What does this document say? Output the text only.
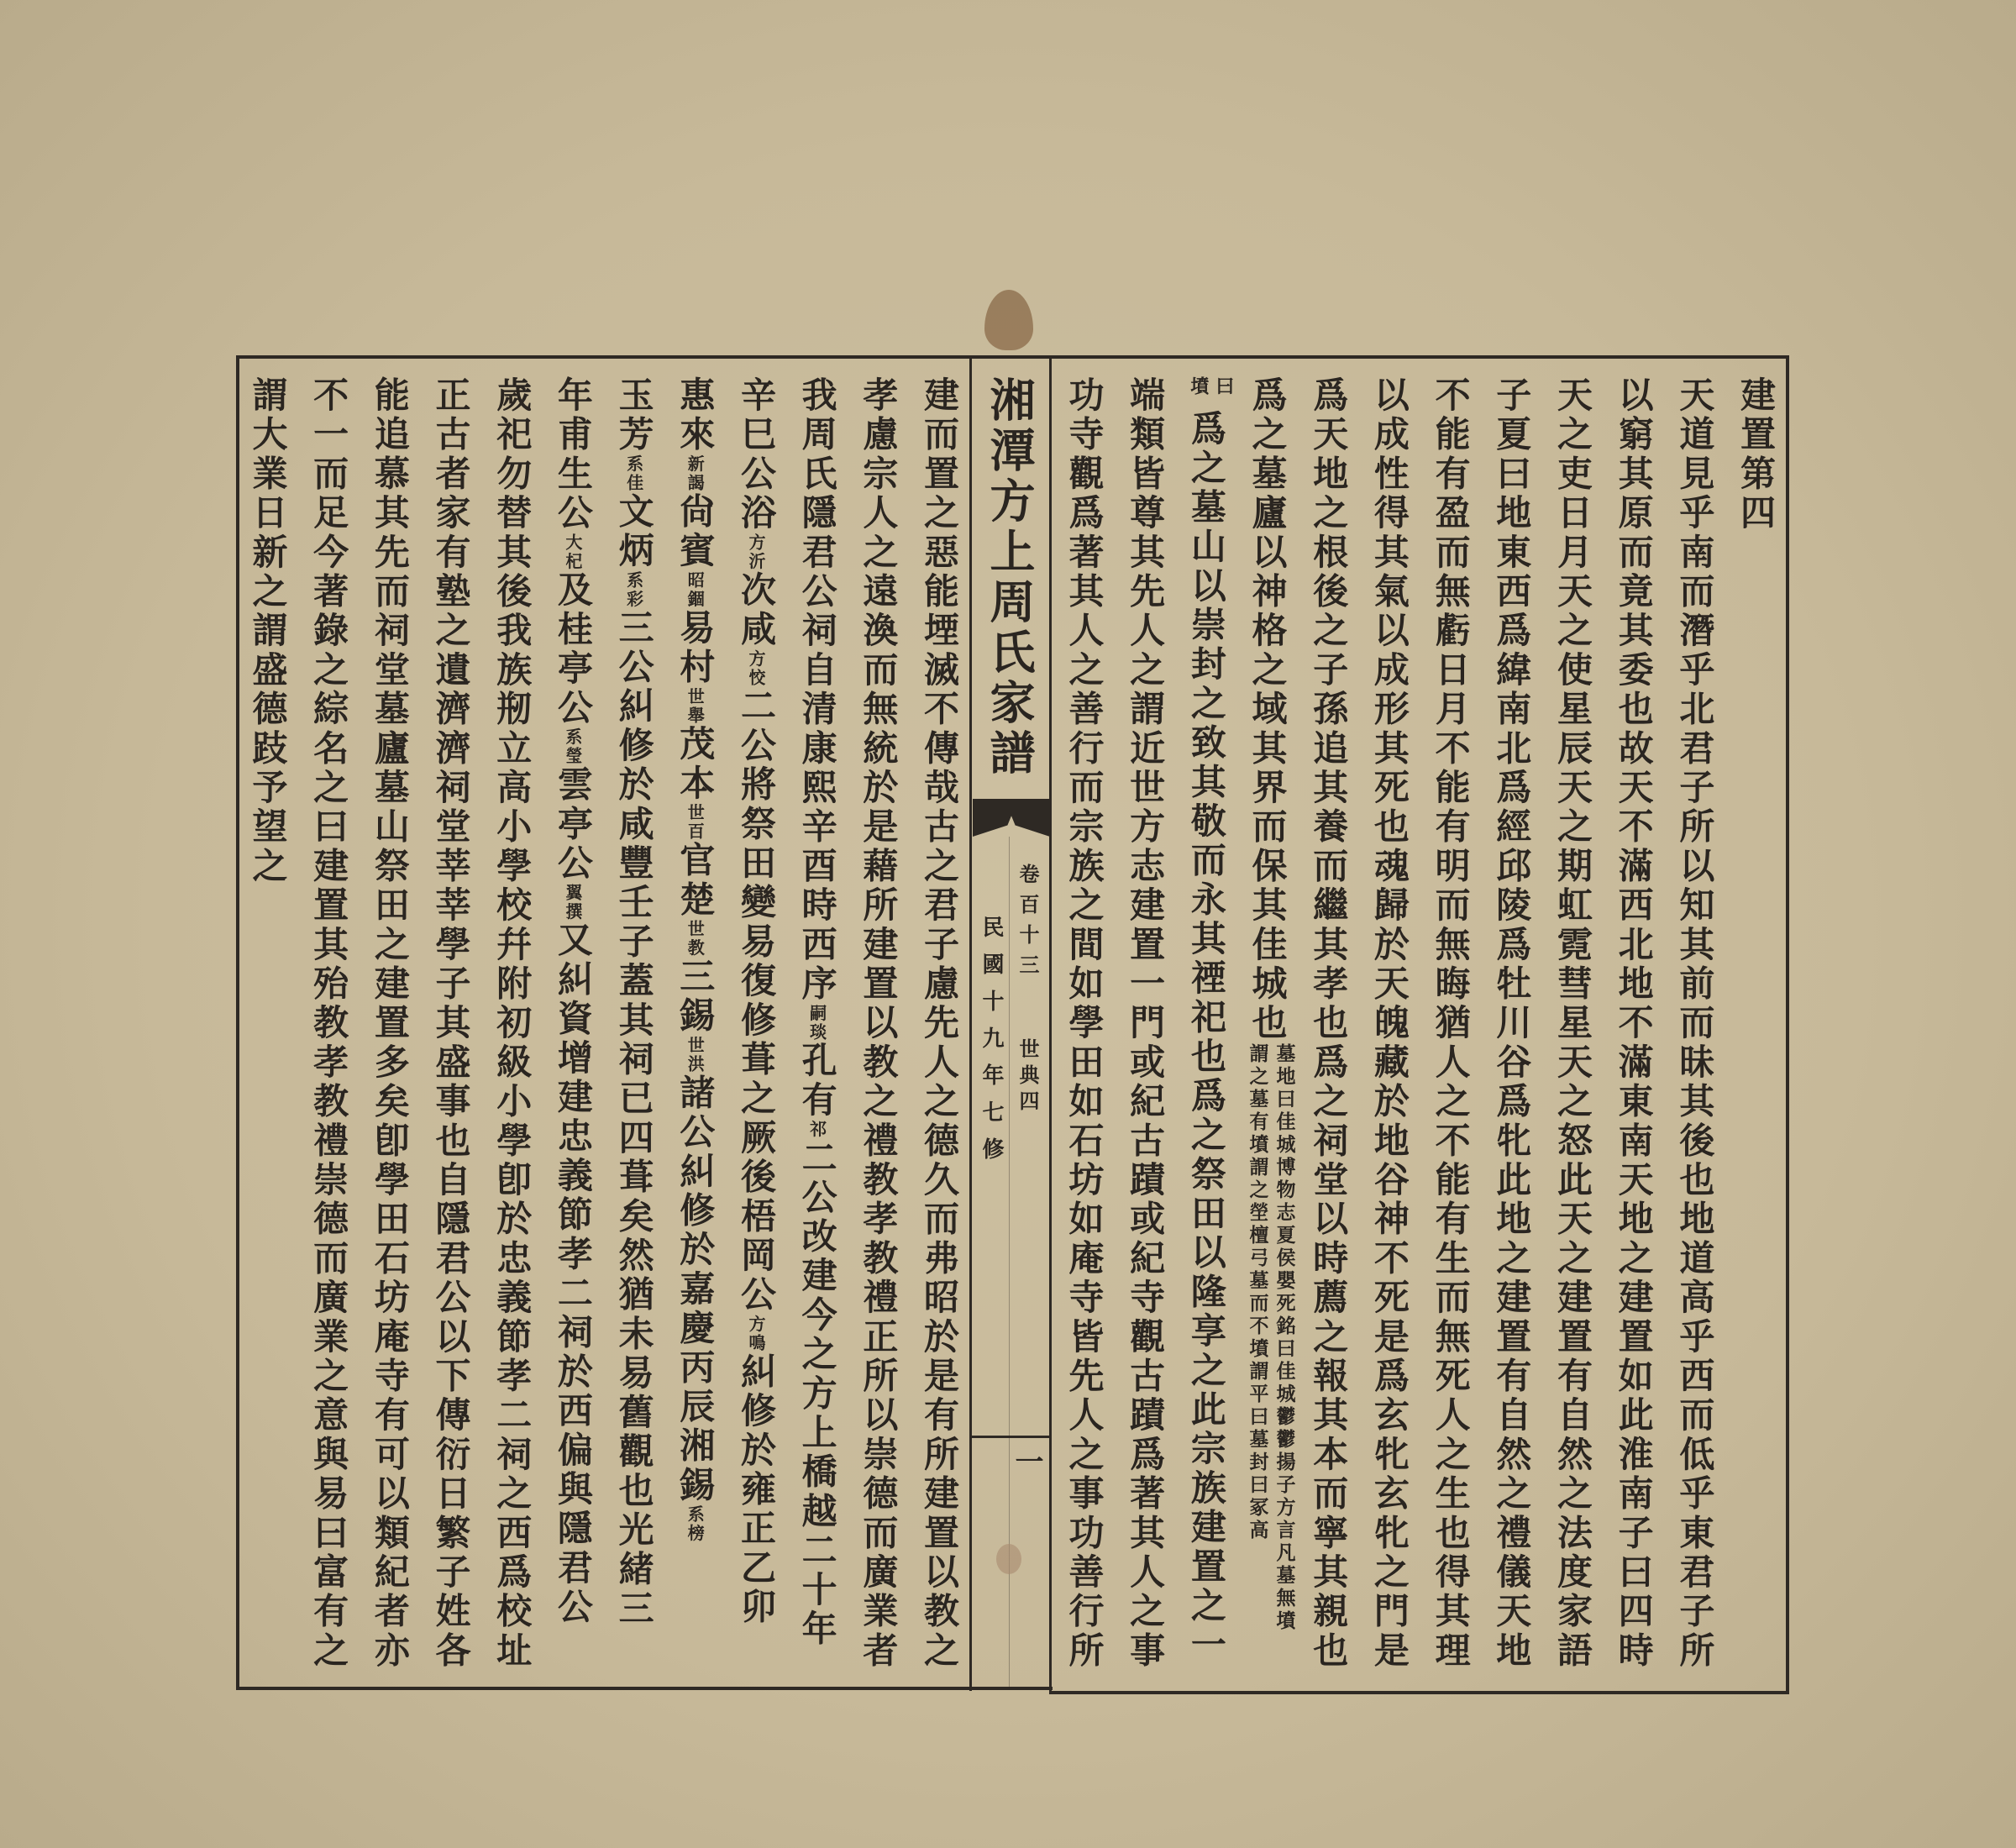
湘潭方上周氏家譜
卷百十三
世典四
民國十九年七修
一
建置第四
天道見乎南而潛乎北君子所以知其前而昧其後也地道高乎西而低乎東君子所
以窮其原而竟其委也故天不滿西北地不滿東南天地之建置如此淮南子曰四時
天之吏日月天之使星辰天之期虹霓彗星天之怒此天之建置有自然之法度家語
子夏曰地東西爲緯南北爲經邱陵爲牡川谷爲牝此地之建置有自然之禮儀天地
不能有盈而無虧日月不能有明而無晦猶人之不能有生而無死人之生也得其理
以成性得其氣以成形其死也魂歸於天魄藏於地谷神不死是爲玄牝玄牝之門是
爲天地之根後之子孫追其養而繼其孝也爲之祠堂以時薦之報其本而寧其親也
爲之墓廬以神格之域其界而保其佳城也墓地曰佳城博物志夏侯嬰死銘曰佳城鬱鬱揚子方言凡墓無墳謂之墓有墳謂之塋檀弓墓而不墳謂平曰墓封曰冢高
曰墳爲之墓山以崇封之致其敬而永其禋祀也爲之祭田以隆享之此宗族建置之一
端類皆尊其先人之謂近世方志建置一門或紀古蹟或紀寺觀古蹟爲著其人之事
功寺觀爲著其人之善行而宗族之間如學田如石坊如庵寺皆先人之事功善行所
建而置之惡能堙滅不傳哉古之君子慮先人之德久而弗昭於是有所建置以教之
孝慮宗人之遠渙而無統於是藉所建置以教之禮教孝教禮正所以崇德而廣業者
我周氏隱君公祠自清康熙辛酉時西序嗣琰孔有祁二公改建今之方上橋越二十年
辛巳公浴方沂次咸方恔二公將祭田變易復修葺之厥後梧岡公方鳴糾修於雍正乙卯
惠來新謁尙賓昭錮易村世舉茂本世百官楚世教三錫世洪諸公糾修於嘉慶丙辰湘錫系榜
玉芳系佳文炳系彩三公糾修於咸豐壬子蓋其祠已四葺矣然猶未易舊觀也光緒三
年甫生公大杞及桂亭公系瑩雲亭公翼撰又糾資增建忠義節孝二祠於西偏與隱君公
歲祀勿替其後我族剏立高小學校幷附初級小學卽於忠義節孝二祠之西爲校址
正古者家有塾之遺濟濟祠堂莘莘學子其盛事也自隱君公以下傳衍日繁子姓各
能追慕其先而祠堂墓廬墓山祭田之建置多矣卽學田石坊庵寺有可以類紀者亦
不一而足今著錄之綜名之曰建置其殆教孝教禮崇德而廣業之意與易曰富有之
謂大業日新之謂盛德跂予望之
